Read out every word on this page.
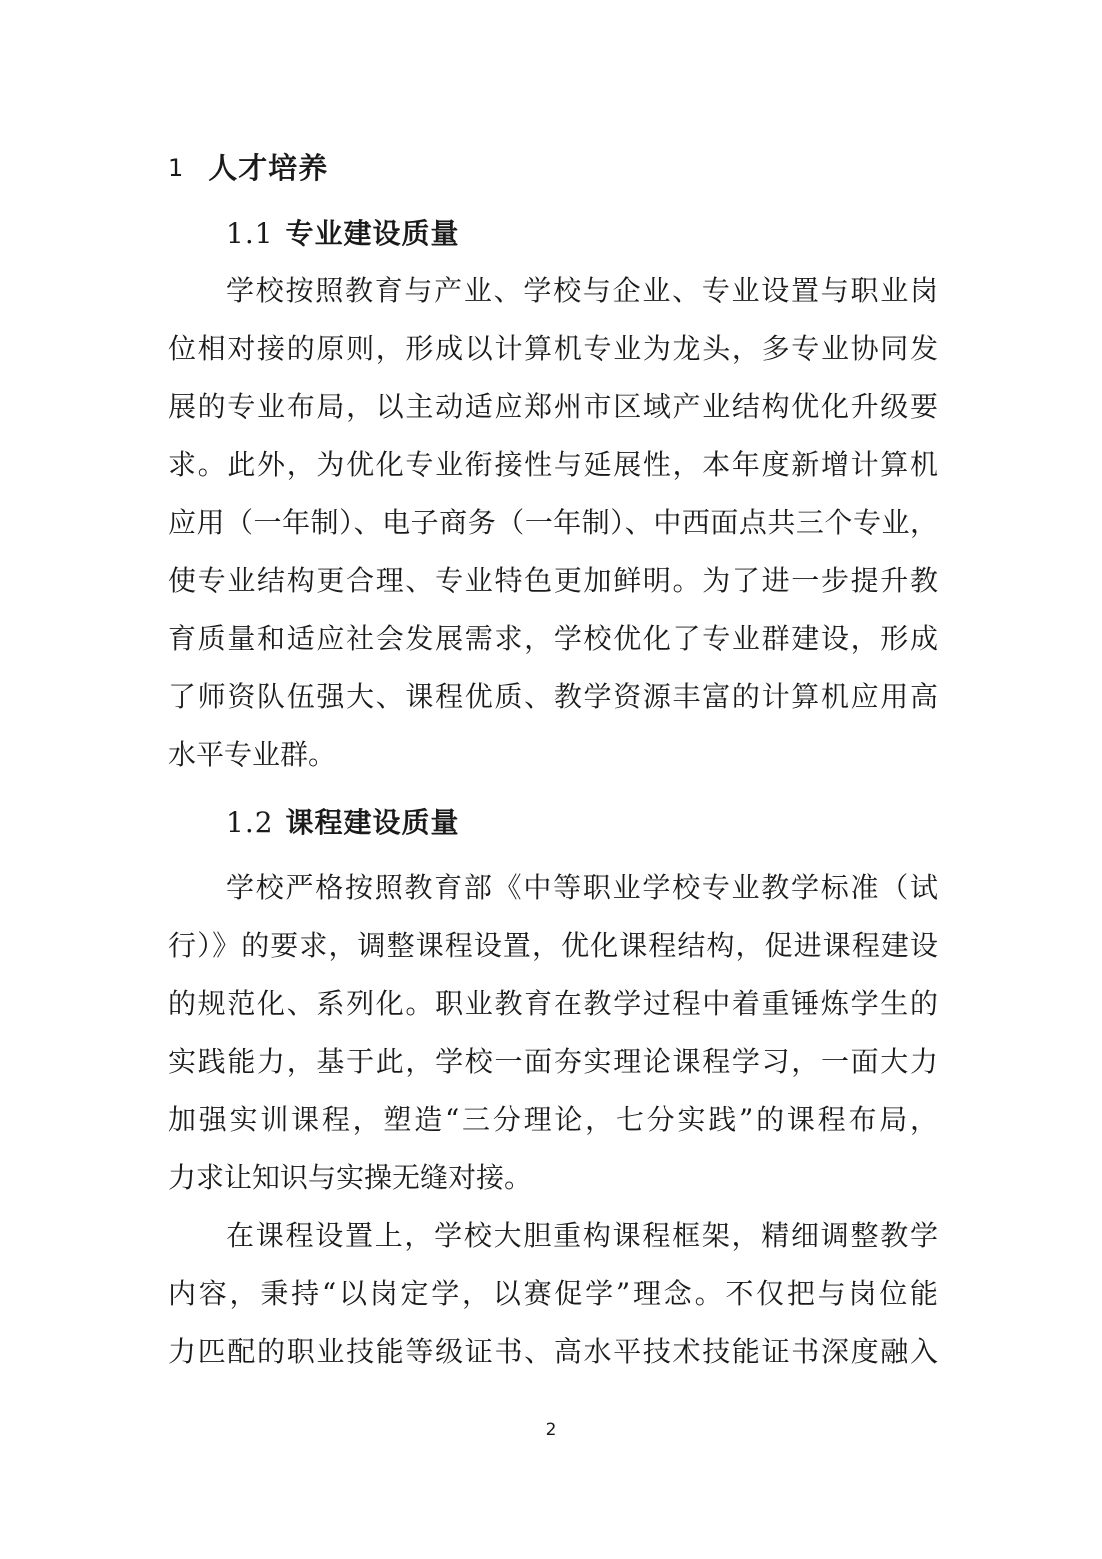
1 人才培养
1.1 专业建设质量
学校按照教育与产业、学校与企业、专业设置与职业岗
位相对接的原则，形成以计算机专业为龙头，多专业协同发
展的专业布局，以主动适应郑州市区域产业结构优化升级要
求。此外，为优化专业衔接性与延展性，本年度新增计算机
应用（一年制）、电子商务（一年制）、中西面点共三个专业，
使专业结构更合理、专业特色更加鲜明。为了进一步提升教
育质量和适应社会发展需求，学校优化了专业群建设，形成
了师资队伍强大、课程优质、教学资源丰富的计算机应用高
水平专业群。
1.2 课程建设质量
学校严格按照教育部《中等职业学校专业教学标准（试
行）》的要求，调整课程设置，优化课程结构，促进课程建设
的规范化、系列化。职业教育在教学过程中着重锤炼学生的
实践能力，基于此，学校一面夯实理论课程学习，一面大力
加强实训课程，塑造“三分理论，七分实践”的课程布局，
力求让知识与实操无缝对接。
在课程设置上，学校大胆重构课程框架，精细调整教学
内容，秉持“以岗定学，以赛促学”理念。不仅把与岗位能
力匹配的职业技能等级证书、高水平技术技能证书深度融入
2
